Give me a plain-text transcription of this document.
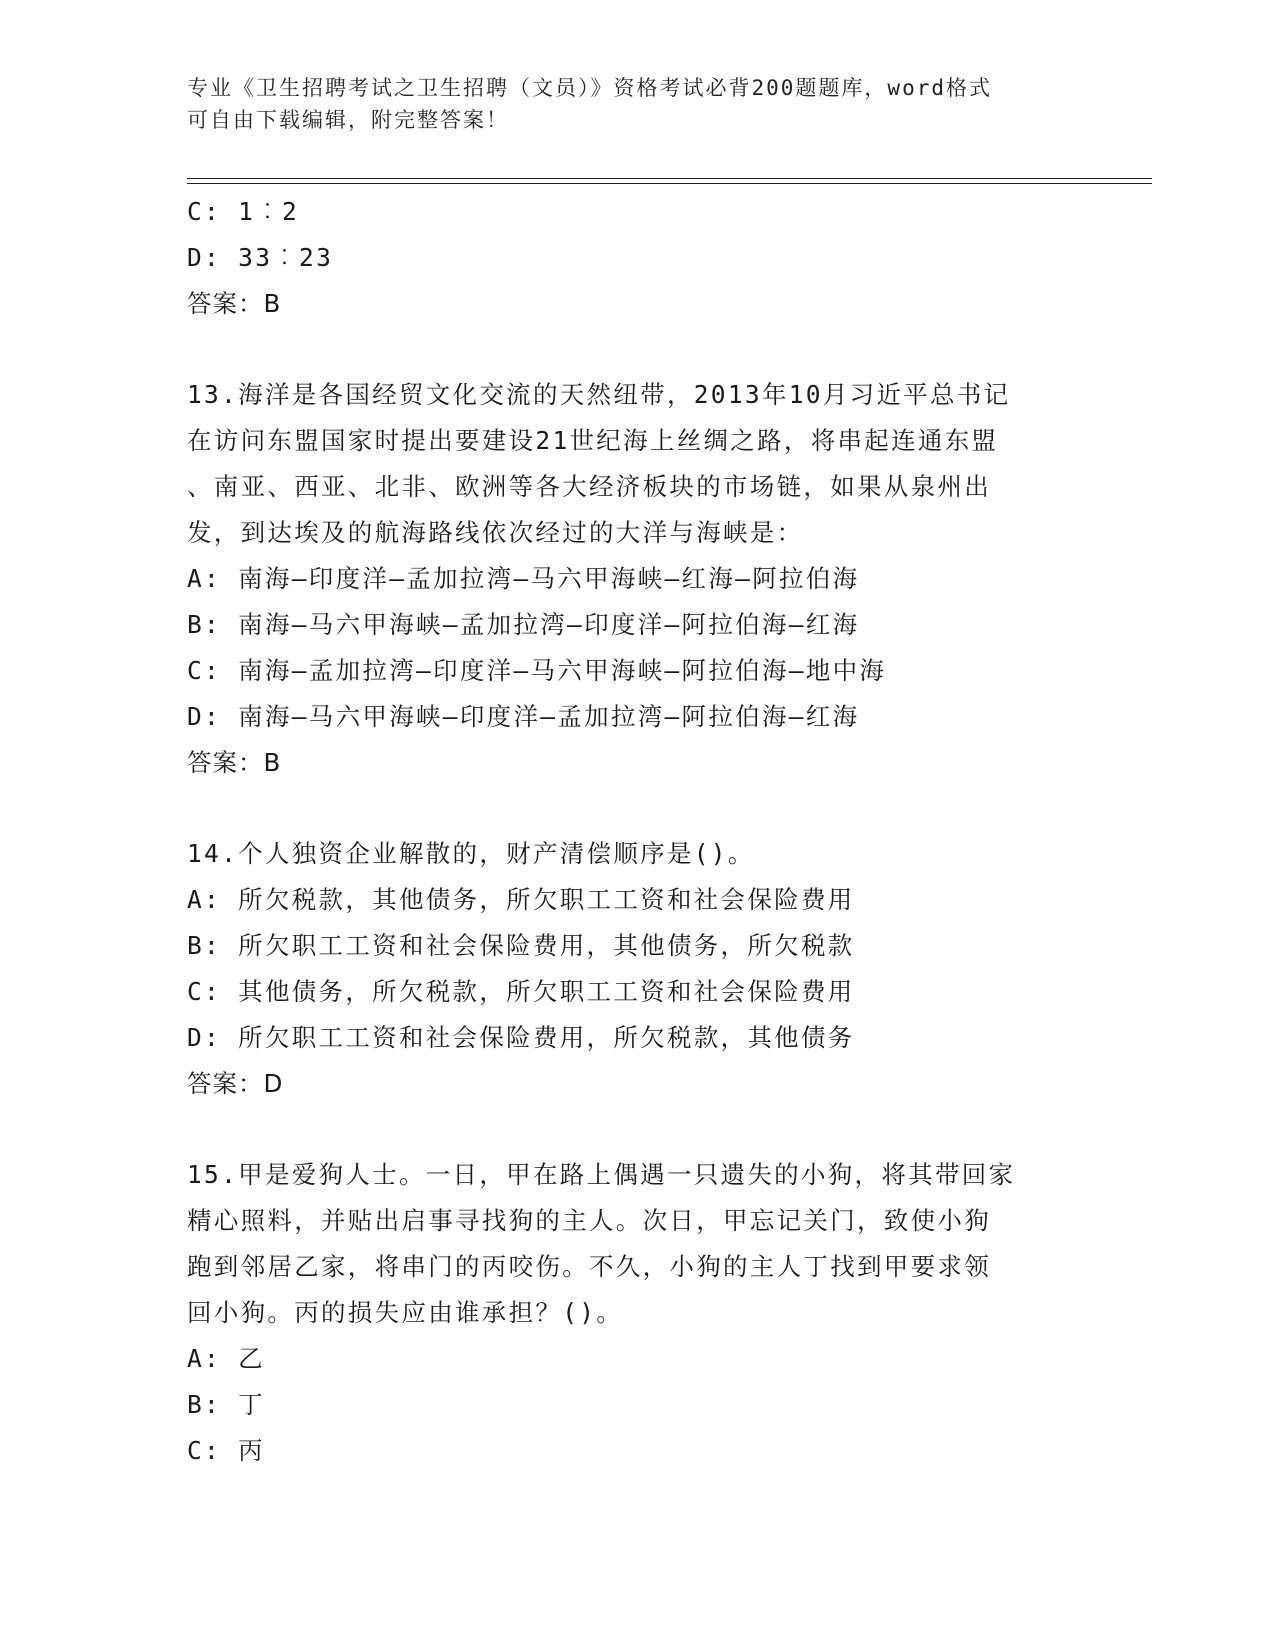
专业《卫生招聘考试之卫生招聘（文员）》资格考试必背200题题库，word格式
可自由下载编辑，附完整答案！
C: 1︰2
D: 33︰23
答案：B
13.海洋是各国经贸文化交流的天然纽带，2013年10月习近平总书记
在访问东盟国家时提出要建设21世纪海上丝绸之路，将串起连通东盟
、南亚、西亚、北非、欧洲等各大经济板块的市场链，如果从泉州出
发，到达埃及的航海路线依次经过的大洋与海峡是：
A: 南海—印度洋—孟加拉湾—马六甲海峡—红海—阿拉伯海
B: 南海—马六甲海峡—孟加拉湾—印度洋—阿拉伯海—红海
C: 南海—孟加拉湾—印度洋—马六甲海峡—阿拉伯海—地中海
D: 南海—马六甲海峡—印度洋—孟加拉湾—阿拉伯海—红海
答案：B
14.个人独资企业解散的，财产清偿顺序是()。
A: 所欠税款，其他债务，所欠职工工资和社会保险费用
B: 所欠职工工资和社会保险费用，其他债务，所欠税款
C: 其他债务，所欠税款，所欠职工工资和社会保险费用
D: 所欠职工工资和社会保险费用，所欠税款，其他债务
答案：D
15.甲是爱狗人士。一日，甲在路上偶遇一只遗失的小狗，将其带回家
精心照料，并贴出启事寻找狗的主人。次日，甲忘记关门，致使小狗
跑到邻居乙家，将串门的丙咬伤。不久，小狗的主人丁找到甲要求领
回小狗。丙的损失应由谁承担？()。
A: 乙
B: 丁
C: 丙
